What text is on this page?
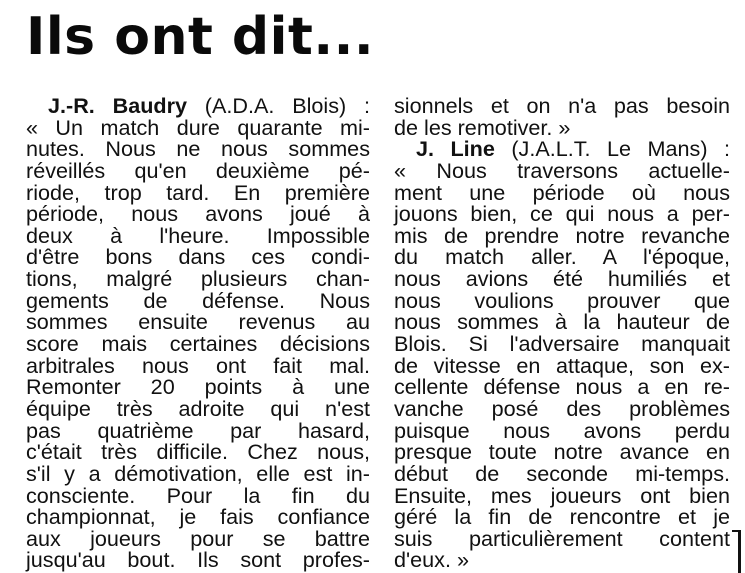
Ils ont dit...
J.-R. Baudry (A.D.A. Blois) :
« Un match dure quarante mi-
nutes. Nous ne nous sommes
réveillés qu'en deuxième pé-
riode, trop tard. En première
période, nous avons joué à
deux à l'heure. Impossible
d'être bons dans ces condi-
tions, malgré plusieurs chan-
gements de défense. Nous
sommes ensuite revenus au
score mais certaines décisions
arbitrales nous ont fait mal.
Remonter 20 points à une
équipe très adroite qui n'est
pas quatrième par hasard,
c'était très difficile. Chez nous,
s'il y a démotivation, elle est in-
consciente. Pour la fin du
championnat, je fais confiance
aux joueurs pour se battre
jusqu'au bout. Ils sont profes-
sionnels et on n'a pas besoin
de les remotiver. »
J. Line (J.A.L.T. Le Mans) :
« Nous traversons actuelle-
ment une période où nous
jouons bien, ce qui nous a per-
mis de prendre notre revanche
du match aller. A l'époque,
nous avions été humiliés et
nous voulions prouver que
nous sommes à la hauteur de
Blois. Si l'adversaire manquait
de vitesse en attaque, son ex-
cellente défense nous a en re-
vanche posé des problèmes
puisque nous avons perdu
presque toute notre avance en
début de seconde mi-temps.
Ensuite, mes joueurs ont bien
géré la fin de rencontre et je
suis particulièrement content
d'eux. »
